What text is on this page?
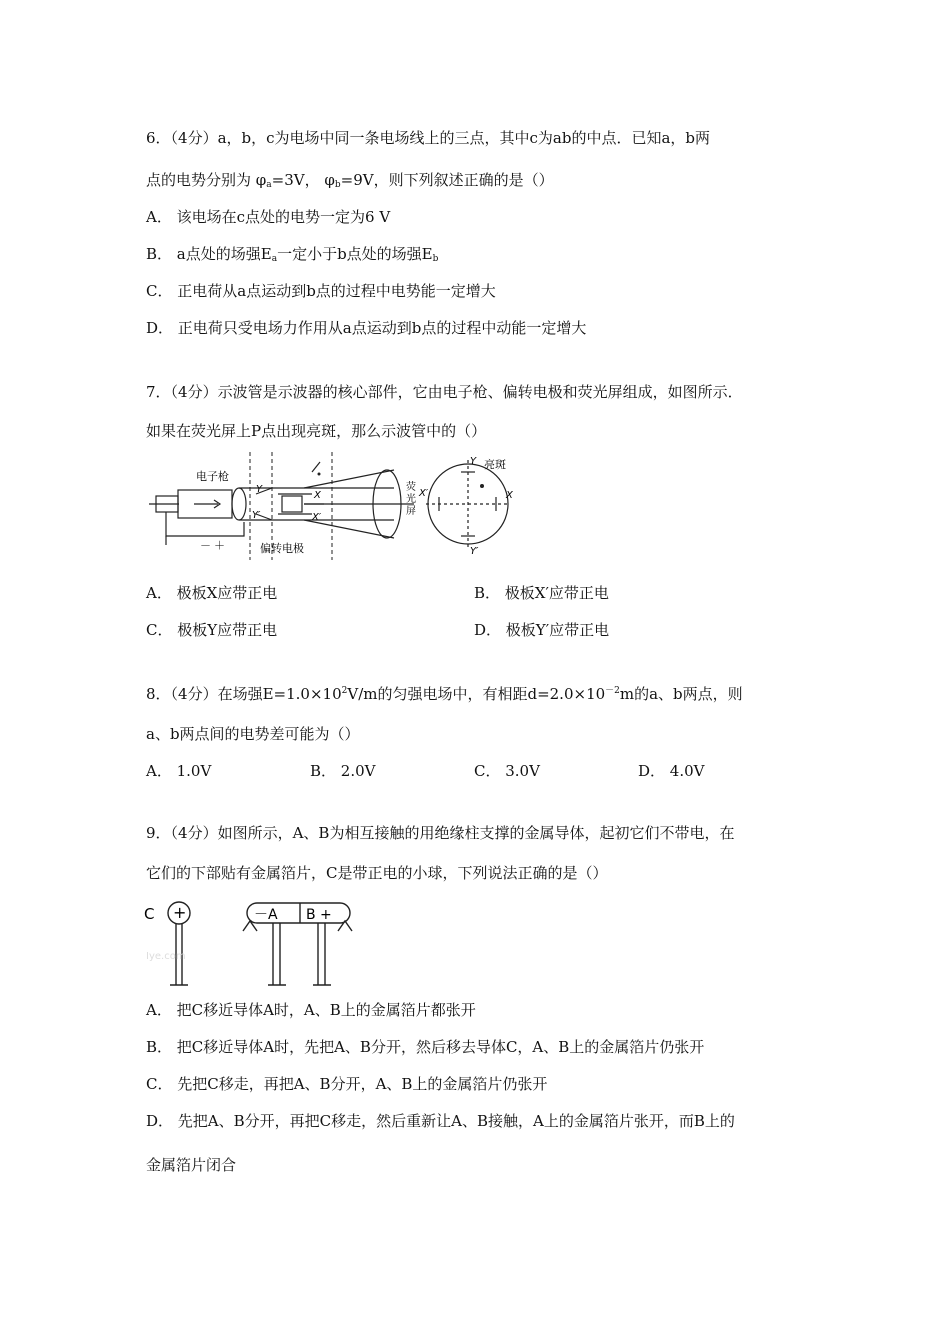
6．（4分）a，b，c为电场中同一条电场线上的三点，其中c为ab的中点．已知a，b两
点的电势分别为 $\varphi_a=3V$， $\varphi_b=9V$，则下列叙述正确的是（）
A． 该电场在c点处的电势一定为6 V
B． a点处的场强$E_a$一定小于b点处的场强$E_b$
C． 正电荷从a点运动到b点的过程中电势能一定增大
D． 正电荷只受电场力作用从a点运动到b点的过程中动能一定增大
7．（4分）示波管是示波器的核心部件，它由电子枪、偏转电极和荧光屏组成，如图所示．
如果在荧光屏上P点出现亮斑，那么示波管中的（）
电子枪
偏转电极
荧
光
屏
Y
Y′
X
X′
X′	X
Y
Y′
亮斑
－ ＋
A． 极板X应带正电	B． 极板X′应带正电
C． 极板Y应带正电	D． 极板Y′应带正电
8．（4分）在场强$E=1.0\times 10^2V/m$的匀强电场中，有相距$d=2.0\times 10^{-2}m$的a、b两点，则
a、b两点间的电势差可能为（）
A． 1.0V	B． 2.0V	C． 3.0V	D． 4.0V
9．（4分）如图所示，A、B为相互接触的用绝缘柱支撑的金属导体，起初它们不带电，在
它们的下部贴有金属箔片，C是带正电的小球，下列说法正确的是（）
C +	－A B +
Iye.com
A． 把C移近导体A时，A、B上的金属箔片都张开
B． 把C移近导体A时，先把A、B分开，然后移去导体C，A、B上的金属箔片仍张开
C． 先把C移走，再把A、B分开，A、B上的金属箔片仍张开
D． 先把A、B分开，再把C移走，然后重新让A、B接触，A上的金属箔片张开，而B上的
金属箔片闭合
